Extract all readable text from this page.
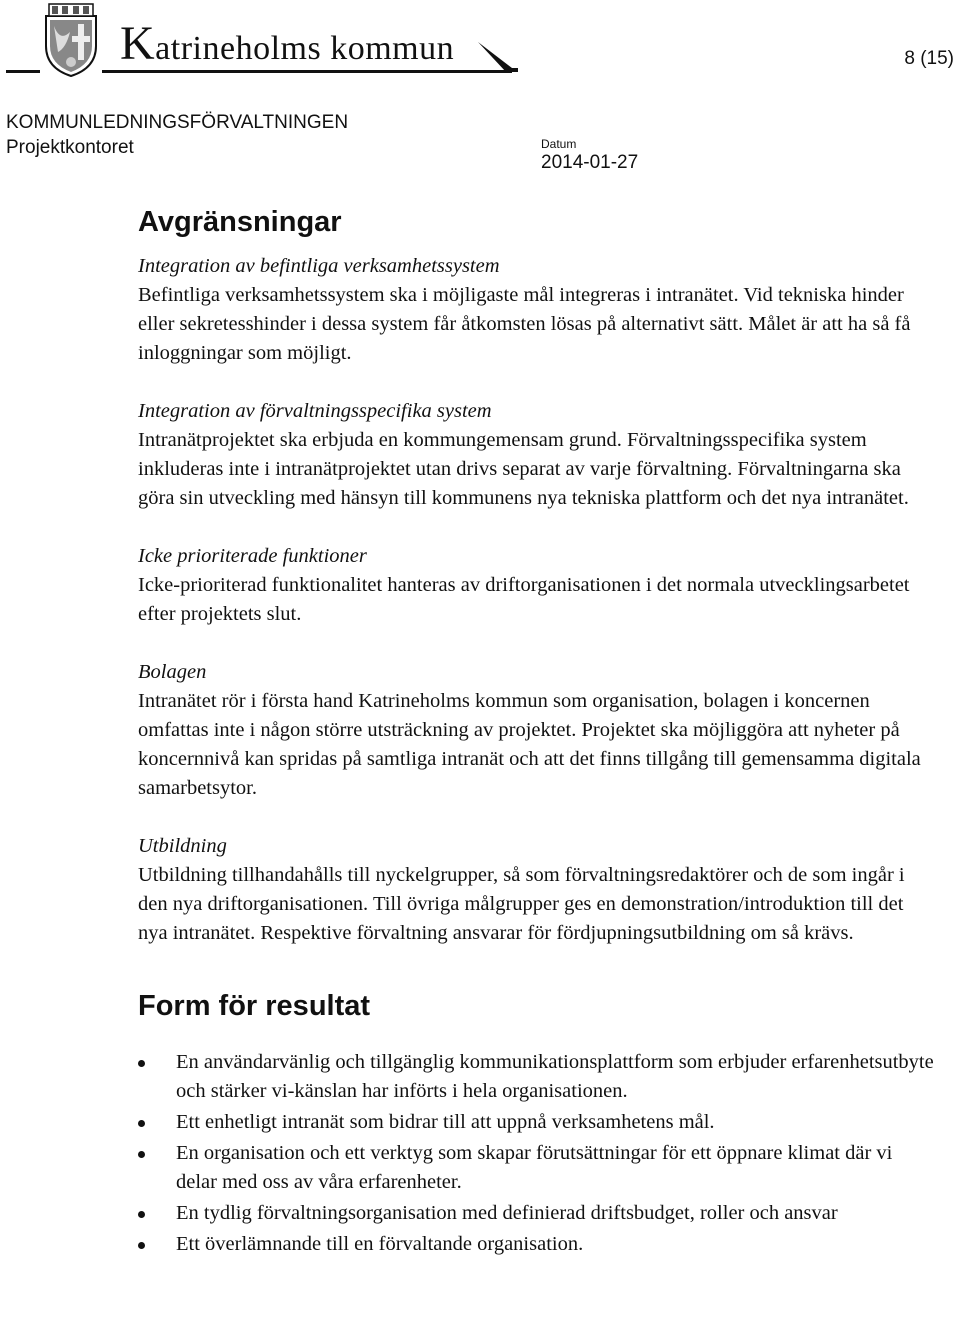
Katrineholms kommun	8 (15)
KOMMUNLEDNINGSFÖRVALTNINGEN
Projektkontoret	Datum
2014-01-27
Avgränsningar

Integration av befintliga verksamhetssystem

Befintliga verksamhetssystem ska i möjligaste mål integreras i intranätet. Vid tekniska hinder eller sekretesshinder i dessa system får åtkomsten lösas på alternativt sätt. Målet är att ha så få inloggningar som möjligt.

Integration av förvaltningsspecifika system

Intranätprojektet ska erbjuda en kommungemensam grund. Förvaltningsspecifika system inkluderas inte i intranätprojektet utan drivs separat av varje förvaltning. Förvaltningarna ska göra sin utveckling med hänsyn till kommunens nya tekniska plattform och det nya intranätet.

Icke prioriterade funktioner

Icke-prioriterad funktionalitet hanteras av driftorganisationen i det normala utvecklingsarbetet efter projektets slut.

Bolagen

Intranätet rör i första hand Katrineholms kommun som organisation, bolagen i koncernen omfattas inte i någon större utsträckning av projektet. Projektet ska möjliggöra att nyheter på koncernnivå kan spridas på samtliga intranät och att det finns tillgång till gemensamma digitala samarbetsytor.

Utbildning

Utbildning tillhandahålls till nyckelgrupper, så som förvaltningsredaktörer och de som ingår i den nya driftorganisationen. Till övriga målgrupper ges en demonstration/introduktion till det nya intranätet. Respektive förvaltning ansvarar för fördjupningsutbildning om så krävs.

Form för resultat
En användarvänlig och tillgänglig kommunikationsplattform som erbjuder erfarenhetsutbyte och stärker vi-känslan har införts i hela organisationen.
Ett enhetligt intranät som bidrar till att uppnå verksamhetens mål.
En organisation och ett verktyg som skapar förutsättningar för ett öppnare klimat där vi delar med oss av våra erfarenheter.
En tydlig förvaltningsorganisation med definierad driftsbudget, roller och ansvar
Ett överlämnande till en förvaltande organisation.
